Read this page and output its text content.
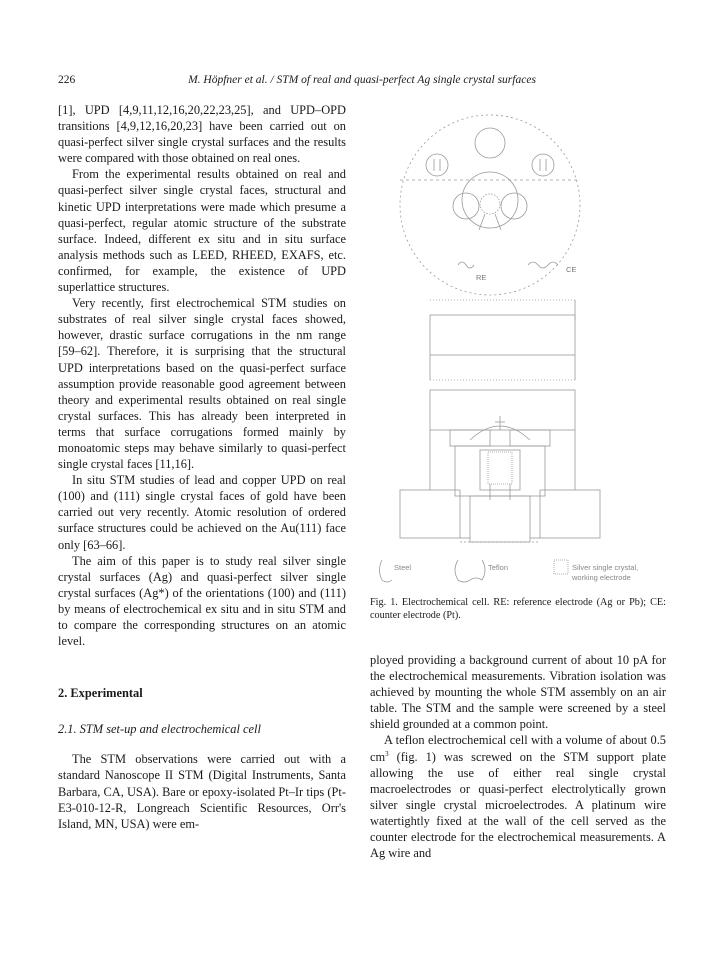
226	M. Höpfner et al. / STM of real and quasi-perfect Ag single crystal surfaces

[1], UPD [4,9,11,12,16,20,22,23,25], and UPD–OPD transitions [4,9,12,16,20,23] have been carried out on quasi-perfect silver single crystal surfaces and the results were compared with those obtained on real ones.

From the experimental results obtained on real and quasi-perfect silver single crystal faces, structural and kinetic UPD interpretations were made which presume a quasi-perfect, regular atomic structure of the substrate surface. Indeed, different ex situ and in situ surface analysis methods such as LEED, RHEED, EXAFS, etc. confirmed, for example, the existence of UPD superlattice structures.

Very recently, first electrochemical STM studies on substrates of real silver single crystal faces showed, however, drastic surface corrugations in the nm range [59–62]. Therefore, it is surprising that the structural UPD interpretations based on the quasi-perfect surface assumption provide reasonable good agreement between theory and experimental results obtained on real single crystal surfaces. This has already been interpreted in terms that surface corrugations formed mainly by monoatomic steps may behave similarly to quasi-perfect single crystal faces [11,16].

In situ STM studies of lead and copper UPD on real (100) and (111) single crystal faces of gold have been carried out very recently. Atomic resolution of ordered surface structures could be achieved on the Au(111) face only [63–66].

The aim of this paper is to study real silver single crystal surfaces (Ag) and quasi-perfect silver single crystal surfaces (Ag*) of the orientations (100) and (111) by means of electrochemical ex situ and in situ STM and to compare the corresponding structures on an atomic level.

2. Experimental

2.1. STM set-up and electrochemical cell

The STM observations were carried out with a standard Nanoscope II STM (Digital Instruments, Santa Barbara, CA, USA). Bare or epoxy-isolated Pt–Ir tips (Pt-E3-010-12-R, Longreach Scientific Resources, Orr's Island, MN, USA) were em-

RE
CE
Steel	Teflon	Silver single crystal,
working electrode
Fig. 1. Electrochemical cell. RE: reference electrode (Ag or Pb); CE: counter electrode (Pt).

ployed providing a background current of about 10 pA for the electrochemical measurements. Vibration isolation was achieved by mounting the whole STM assembly on an air table. The STM and the sample were screened by a steel shield grounded at a common point.

A teflon electrochemical cell with a volume of about 0.5 $cm^3$ (fig. 1) was screwed on the STM support plate allowing the use of either real single crystal macroelectrodes or quasi-perfect electrolytically grown silver single crystal microelectrodes. A platinum wire watertightly fixed at the wall of the cell served as the counter electrode for the electrochemical measurements. A Ag wire and
